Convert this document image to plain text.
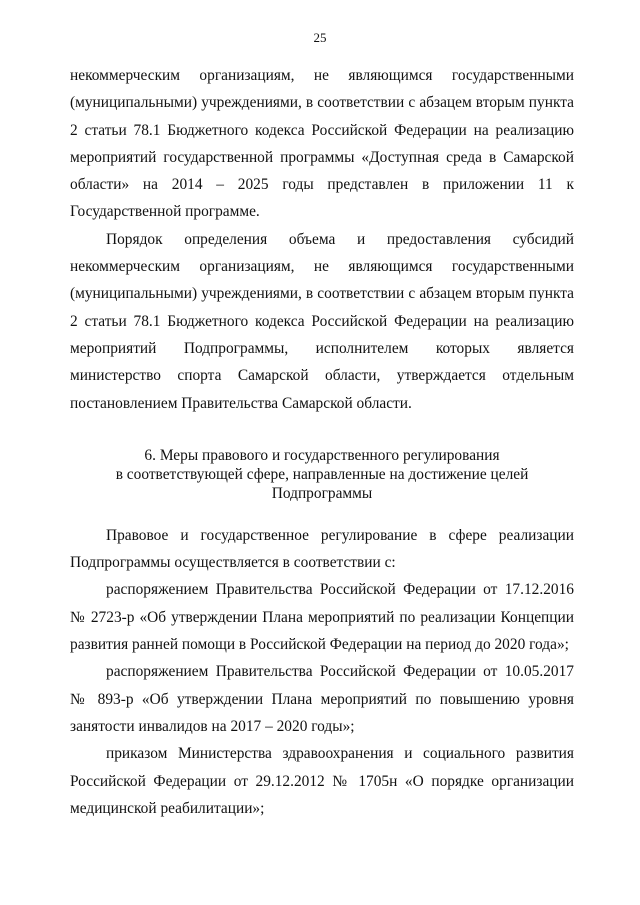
25

некоммерческим организациям, не являющимся государственными (муниципальными) учреждениями, в соответствии с абзацем вторым пункта 2 статьи 78.1 Бюджетного кодекса Российской Федерации на реализацию мероприятий государственной программы «Доступная среда в Самарской области» на 2014 – 2025 годы представлен в приложении 11 к Государственной программе.

Порядок определения объема и предоставления субсидий некоммерческим организациям, не являющимся государственными (муниципальными) учреждениями, в соответствии с абзацем вторым пункта 2 статьи 78.1 Бюджетного кодекса Российской Федерации на реализацию мероприятий Подпрограммы, исполнителем которых является министерство спорта Самарской области, утверждается отдельным постановлением Правительства Самарской области.

6. Меры правового и государственного регулирования
в соответствующей сфере, направленные на достижение целей
Подпрограммы

Правовое и государственное регулирование в сфере реализации Подпрограммы осуществляется в соответствии с:

распоряжением Правительства Российской Федерации от 17.12.2016 № 2723-р «Об утверждении Плана мероприятий по реализации Концепции развития ранней помощи в Российской Федерации на период до 2020 года»;

распоряжением Правительства Российской Федерации от 10.05.2017 № 893-р «Об утверждении Плана мероприятий по повышению уровня занятости инвалидов на 2017 – 2020 годы»;

приказом Министерства здравоохранения и социального развития Российской Федерации от 29.12.2012 № 1705н «О порядке организации медицинской реабилитации»;
